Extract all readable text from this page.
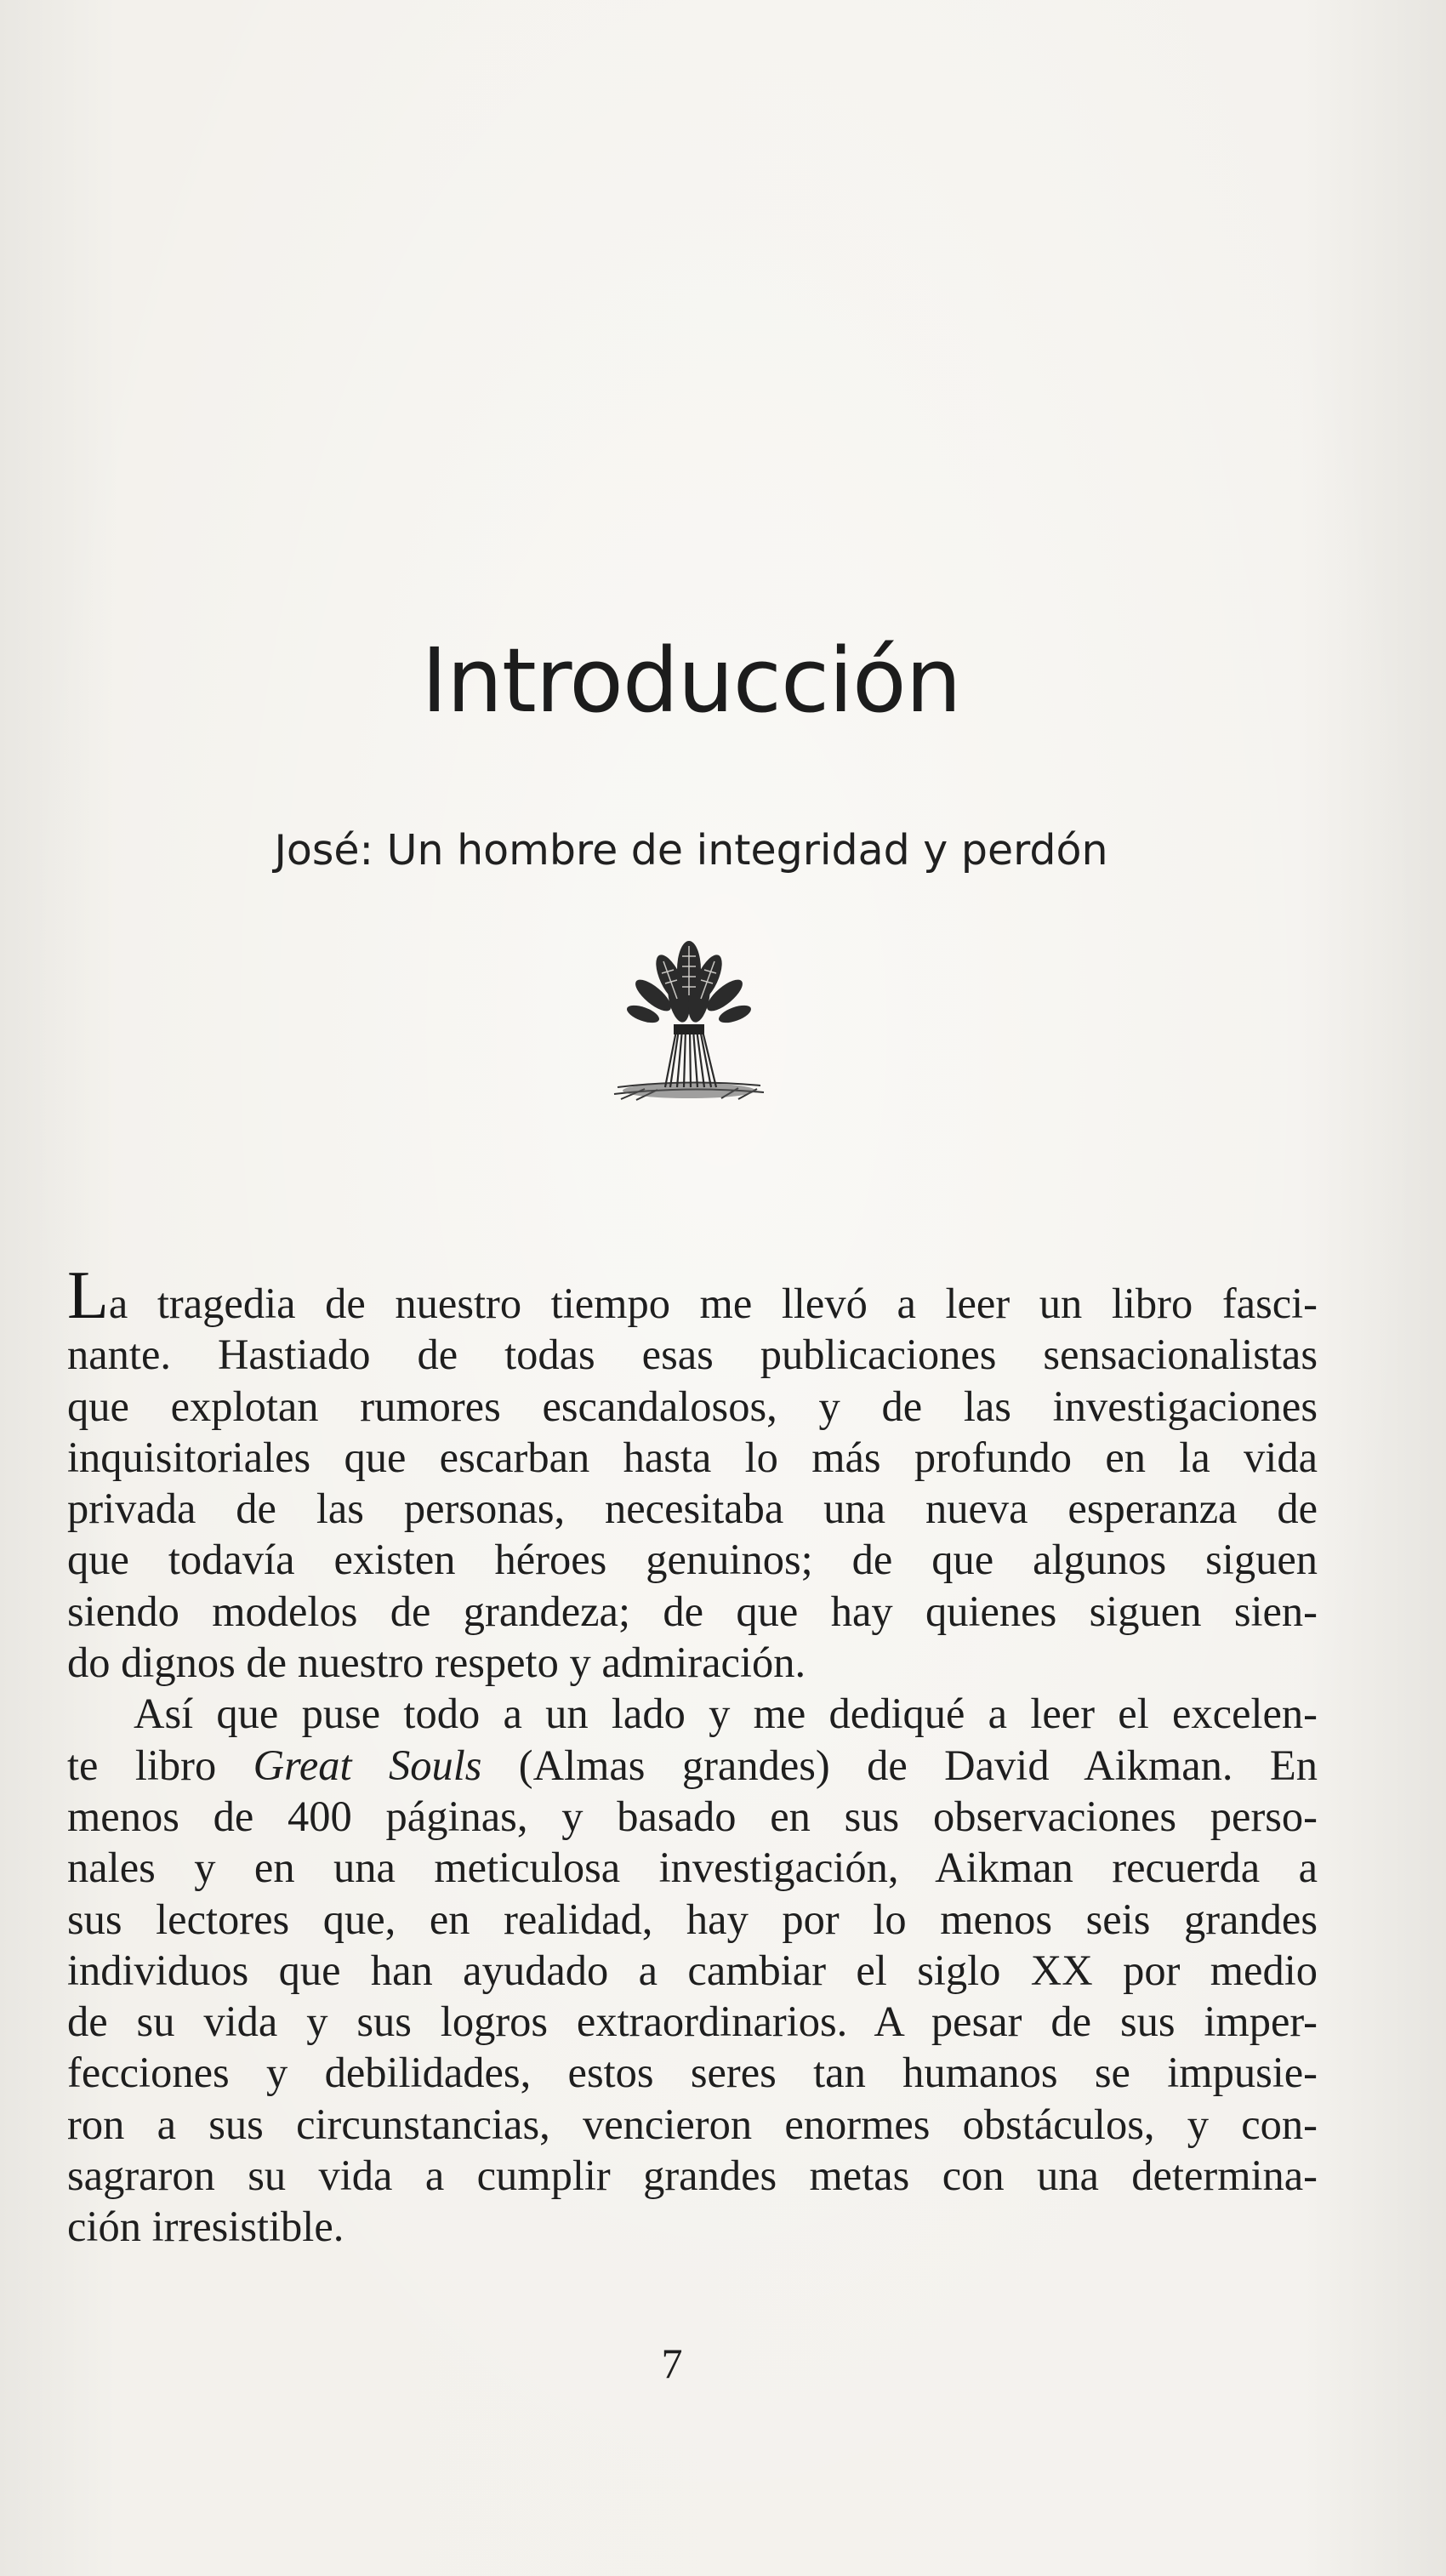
Introducción
José: Un hombre de integridad y perdón
La tragedia de nuestro tiempo me llevó a leer un libro fasci-
nante. Hastiado de todas esas publicaciones sensacionalistas
que explotan rumores escandalosos, y de las investigaciones
inquisitoriales que escarban hasta lo más profundo en la vida
privada de las personas, necesitaba una nueva esperanza de
que todavía existen héroes genuinos; de que algunos siguen
siendo modelos de grandeza; de que hay quienes siguen sien-
do dignos de nuestro respeto y admiración.
Así que puse todo a un lado y me dediqué a leer el excelen-
te libro Great Souls (Almas grandes) de David Aikman. En
menos de 400 páginas, y basado en sus observaciones perso-
nales y en una meticulosa investigación, Aikman recuerda a
sus lectores que, en realidad, hay por lo menos seis grandes
individuos que han ayudado a cambiar el siglo XX por medio
de su vida y sus logros extraordinarios. A pesar de sus imper-
fecciones y debilidades, estos seres tan humanos se impusie-
ron a sus circunstancias, vencieron enormes obstáculos, y con-
sagraron su vida a cumplir grandes metas con una determina-
ción irresistible.
7
